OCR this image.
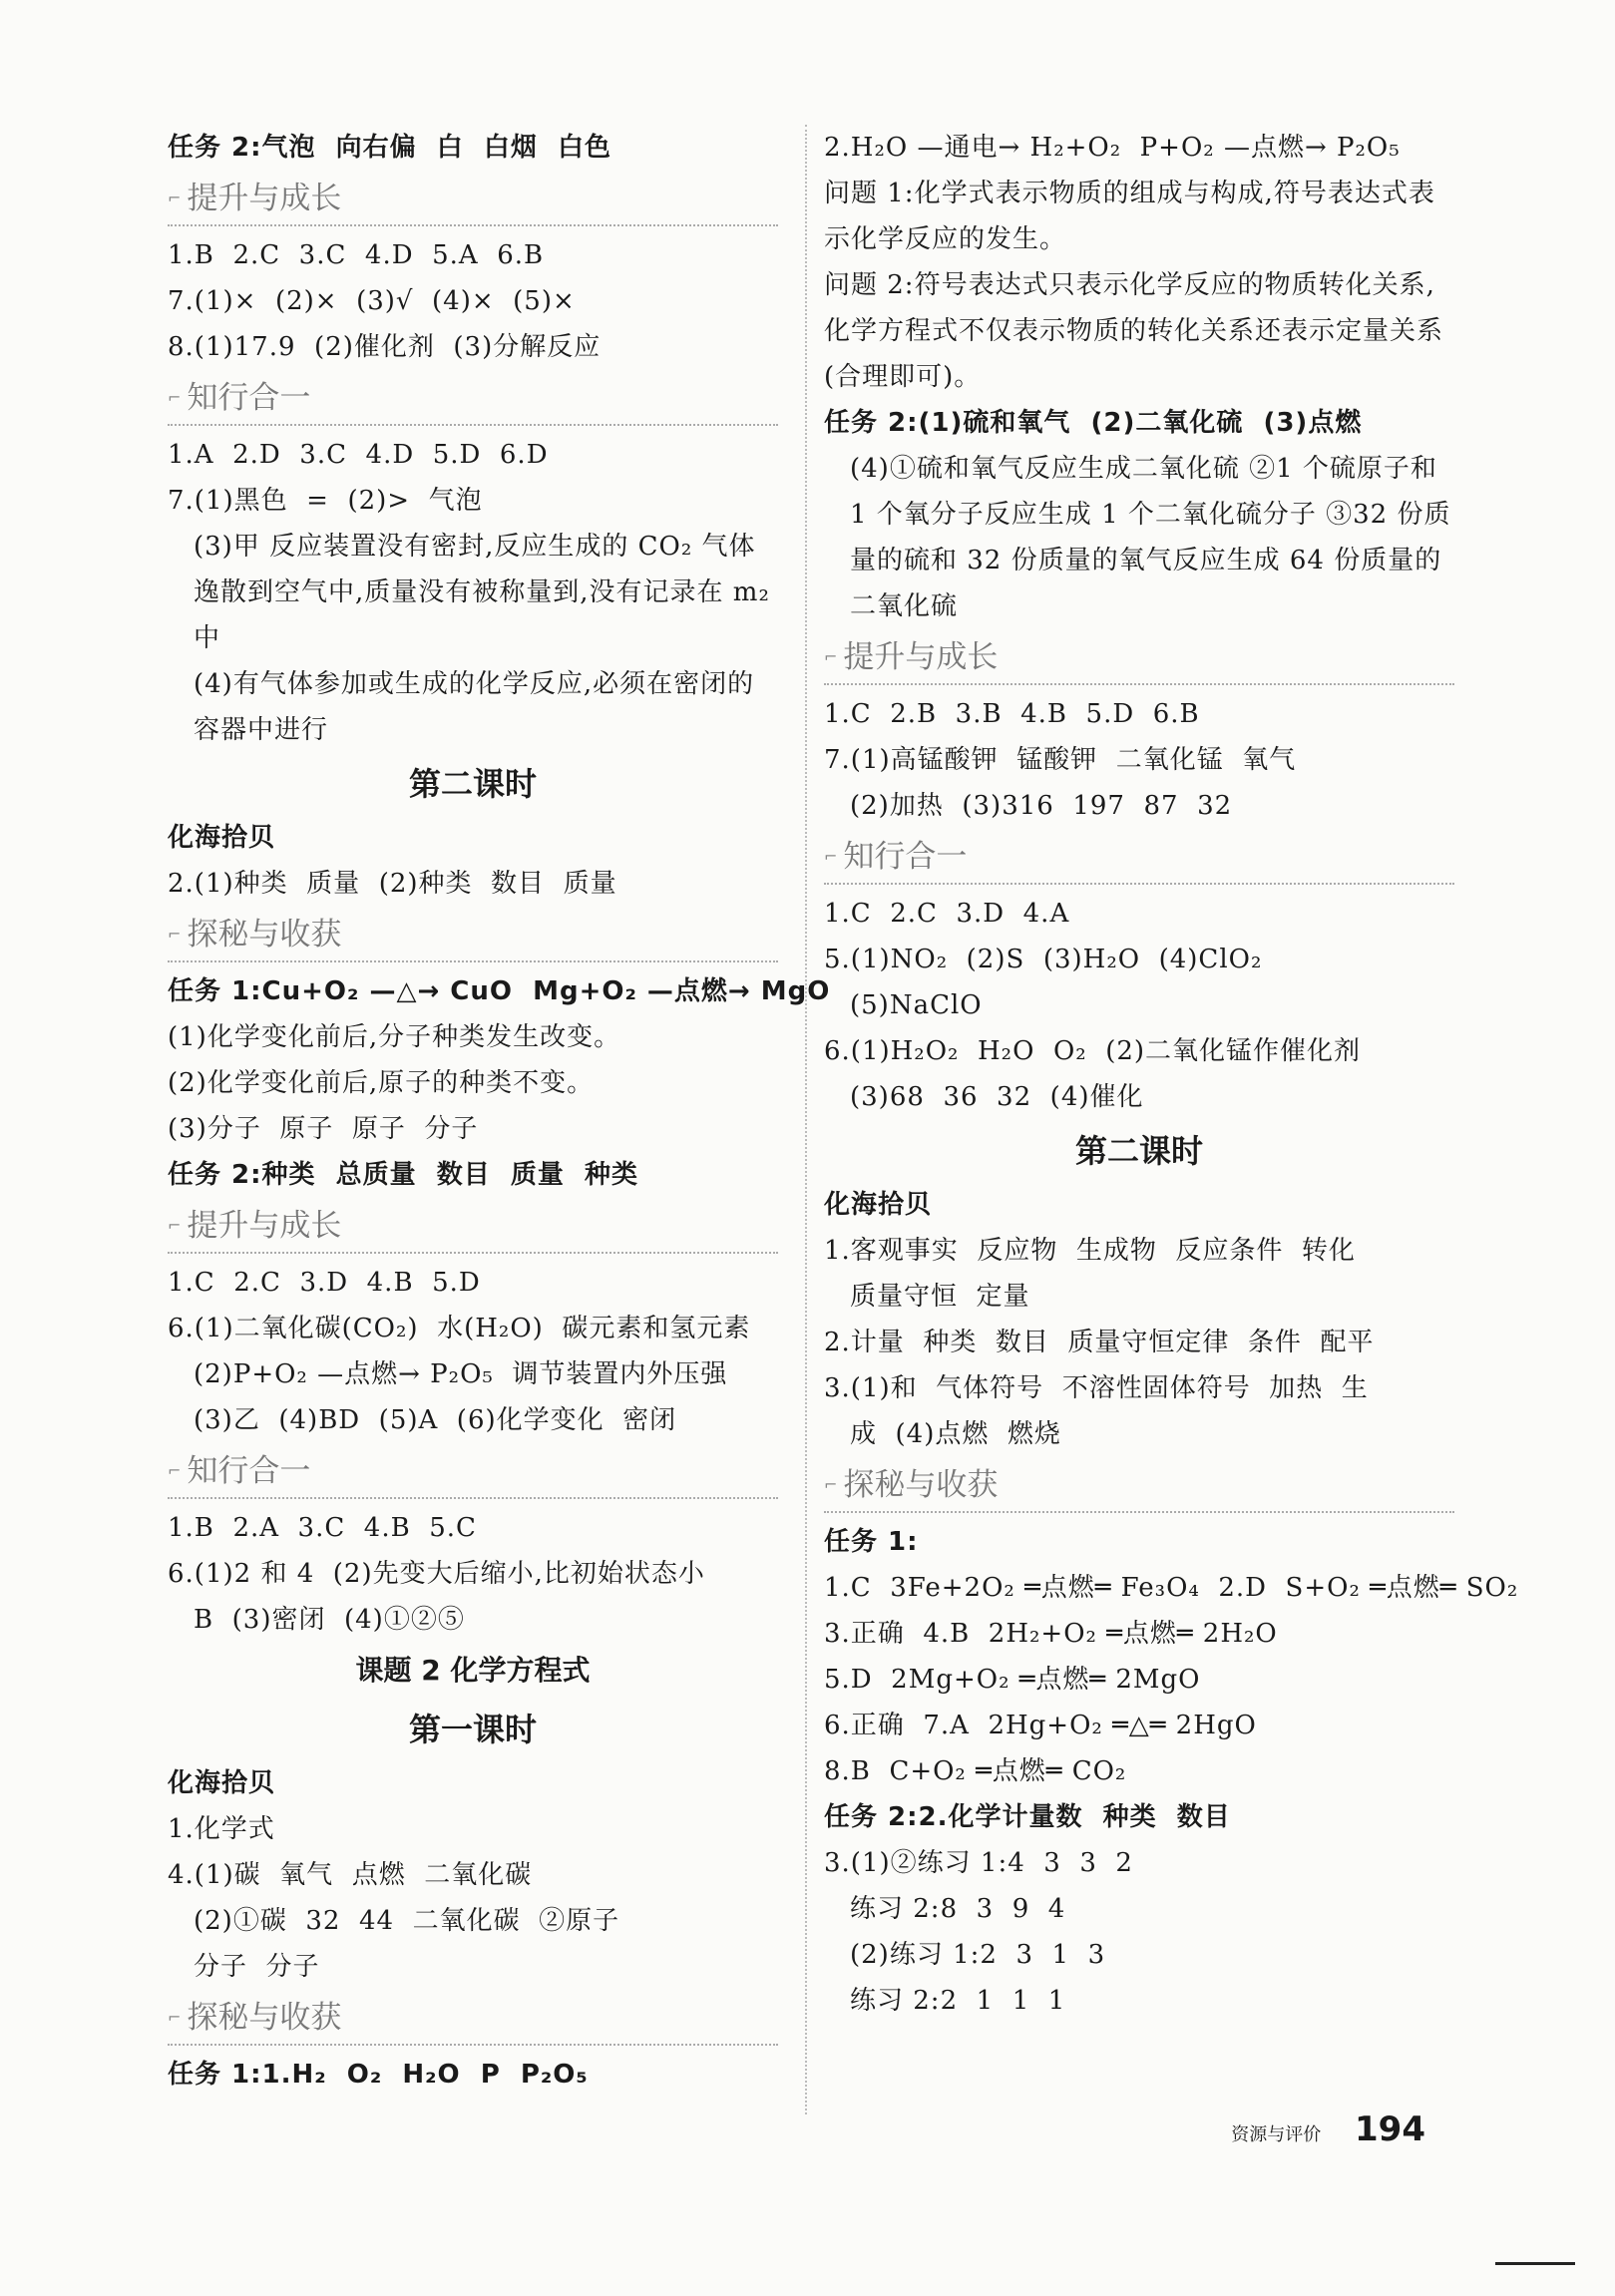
任务 2:气泡  向右偏  白  白烟  白色
⌐ 提升与成长
1.B  2.C  3.C  4.D  5.A  6.B
7.(1)×  (2)×  (3)√  (4)×  (5)×
8.(1)17.9  (2)催化剂  (3)分解反应
⌐ 知行合一
1.A  2.D  3.C  4.D  5.D  6.D
7.(1)黑色  =  (2)>  气泡
(3)甲 反应装置没有密封,反应生成的 CO₂ 气体逸散到空气中,质量没有被称量到,没有记录在 m₂ 中
(4)有气体参加或生成的化学反应,必须在密闭的容器中进行
第二课时
化海拾贝
2.(1)种类  质量  (2)种类  数目  质量
⌐ 探秘与收获
任务 1:Cu+O₂ —△→ CuO  Mg+O₂ —点燃→ MgO
(1)化学变化前后,分子种类发生改变。
(2)化学变化前后,原子的种类不变。
(3)分子  原子  原子  分子
任务 2:种类  总质量  数目  质量  种类
⌐ 提升与成长
1.C  2.C  3.D  4.B  5.D
6.(1)二氧化碳(CO₂)  水(H₂O)  碳元素和氢元素
(2)P+O₂ —点燃→ P₂O₅  调节装置内外压强
(3)乙  (4)BD  (5)A  (6)化学变化  密闭
⌐ 知行合一
1.B  2.A  3.C  4.B  5.C
6.(1)2 和 4  (2)先变大后缩小,比初始状态小
B  (3)密闭  (4)①②⑤
课题 2 化学方程式
第一课时
化海拾贝
1.化学式
4.(1)碳  氧气  点燃  二氧化碳
(2)①碳  32  44  二氧化碳  ②原子
分子  分子
⌐ 探秘与收获
任务 1:1.H₂  O₂  H₂O  P  P₂O₅
2.H₂O —通电→ H₂+O₂  P+O₂ —点燃→ P₂O₅
问题 1:化学式表示物质的组成与构成,符号表达式表示化学反应的发生。
问题 2:符号表达式只表示化学反应的物质转化关系,化学方程式不仅表示物质的转化关系还表示定量关系(合理即可)。
任务 2:(1)硫和氧气  (2)二氧化硫  (3)点燃
(4)①硫和氧气反应生成二氧化硫 ②1 个硫原子和 1 个氧分子反应生成 1 个二氧化硫分子 ③32 份质量的硫和 32 份质量的氧气反应生成 64 份质量的二氧化硫
⌐ 提升与成长
1.C  2.B  3.B  4.B  5.D  6.B
7.(1)高锰酸钾  锰酸钾  二氧化锰  氧气
(2)加热  (3)316  197  87  32
⌐ 知行合一
1.C  2.C  3.D  4.A
5.(1)NO₂  (2)S  (3)H₂O  (4)ClO₂
(5)NaClO
6.(1)H₂O₂  H₂O  O₂  (2)二氧化锰作催化剂
(3)68  36  32  (4)催化
第二课时
化海拾贝
1.客观事实  反应物  生成物  反应条件  转化
质量守恒  定量
2.计量  种类  数目  质量守恒定律  条件  配平
3.(1)和  气体符号  不溶性固体符号  加热  生
成  (4)点燃  燃烧
⌐ 探秘与收获
任务 1:
1.C  3Fe+2O₂ ═点燃═ Fe₃O₄  2.D  S+O₂ ═点燃═ SO₂
3.正确  4.B  2H₂+O₂ ═点燃═ 2H₂O
5.D  2Mg+O₂ ═点燃═ 2MgO
6.正确  7.A  2Hg+O₂ ═△═ 2HgO
8.B  C+O₂ ═点燃═ CO₂
任务 2:2.化学计量数  种类  数目
3.(1)②练习 1:4  3  3  2
练习 2:8  3  9  4
(2)练习 1:2  3  1  3
练习 2:2  1  1  1
资源与评价 194
